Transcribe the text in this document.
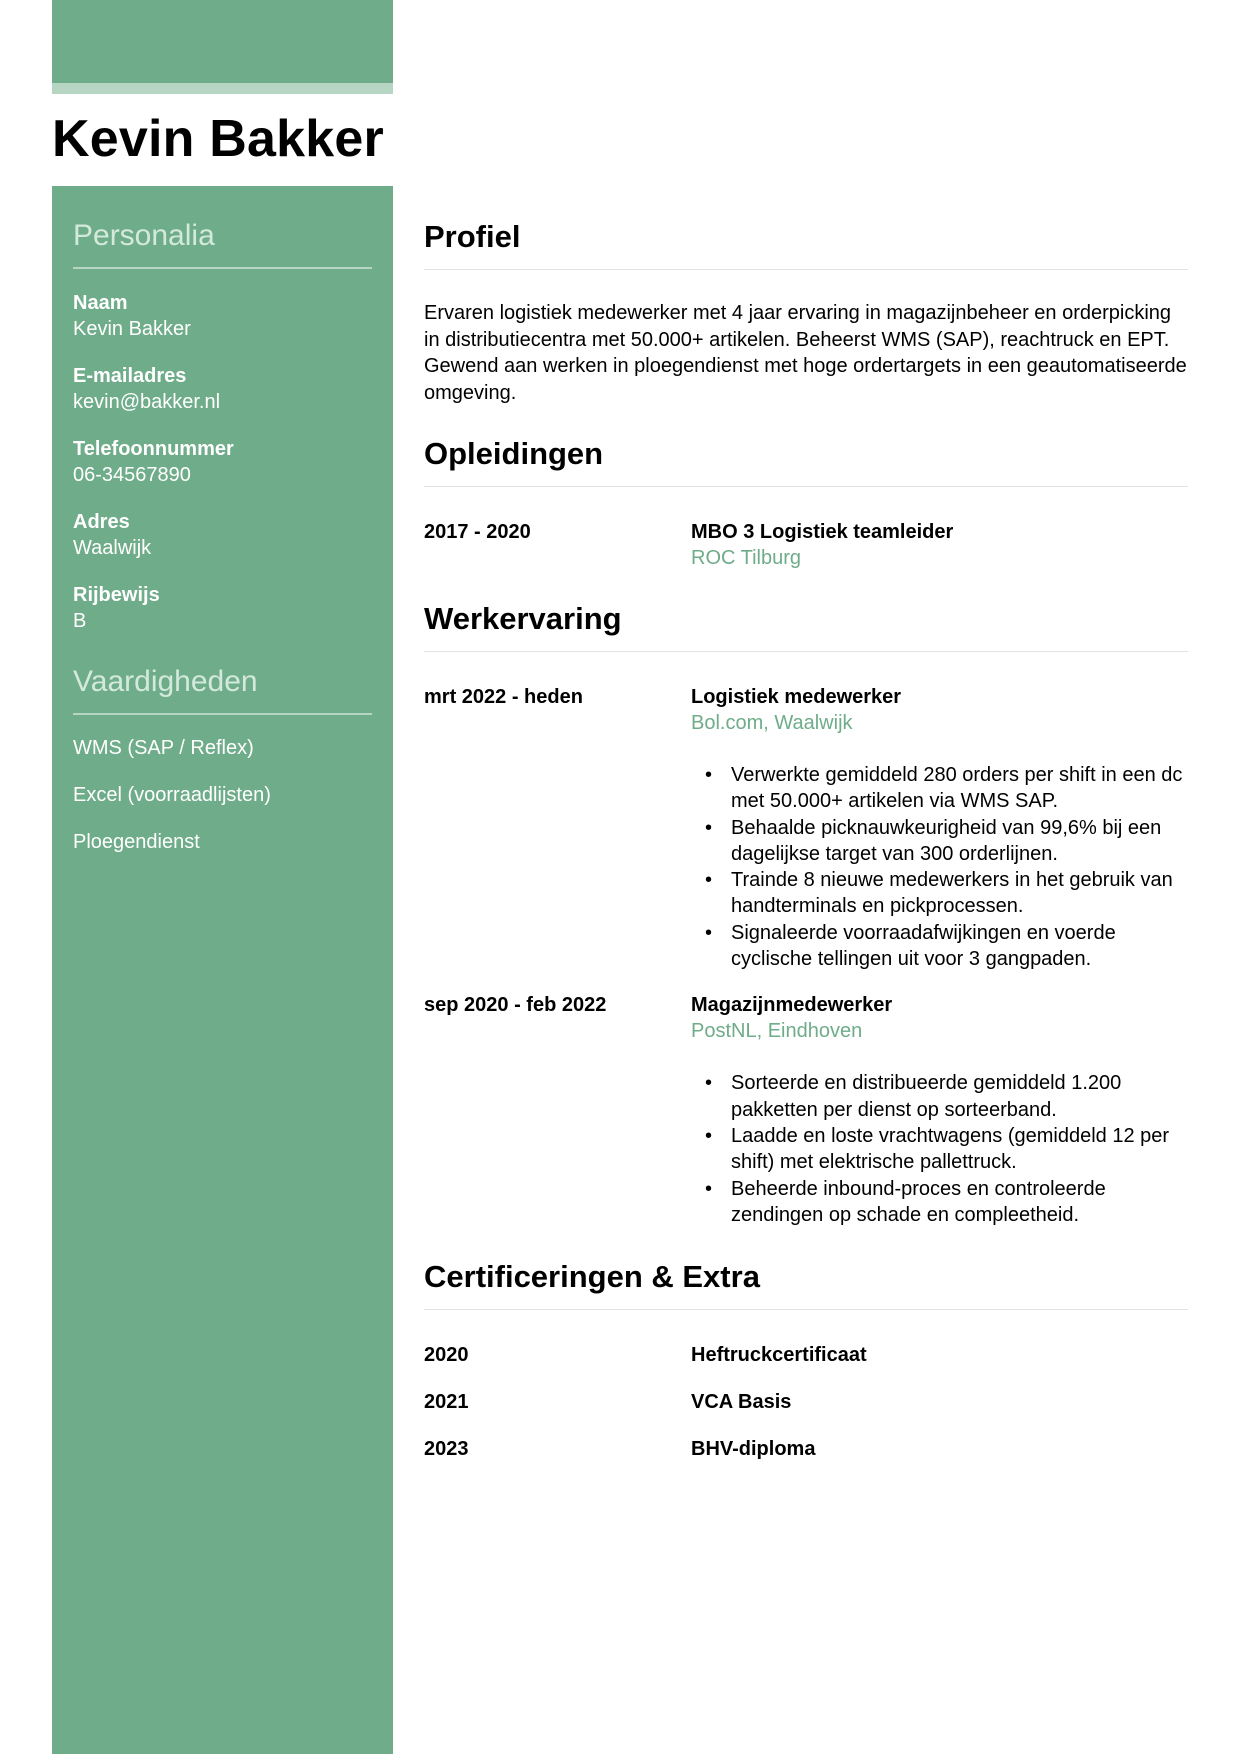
Kevin Bakker
Personalia
Naam
Kevin Bakker
E-mailadres
kevin@bakker.nl
Telefoonnummer
06-34567890
Adres
Waalwijk
Rijbewijs
B
Vaardigheden
WMS (SAP / Reflex)
Excel (voorraadlijsten)
Ploegendienst
Profiel

Ervaren logistiek medewerker met 4 jaar ervaring in magazijnbeheer en orderpicking in distributiecentra met 50.000+ artikelen. Beheerst WMS (SAP), reachtruck en EPT. Gewend aan werken in ploegendienst met hoge ordertargets in een geautomatiseerde omgeving.

Opleidingen
2017 - 2020	MBO 3 Logistiek teamleider
ROC Tilburg
Werkervaring
mrt 2022 - heden	Logistiek medewerker
Bol.com, Waalwijk
• Verwerkte gemiddeld 280 orders per shift in een dc met 50.000+ artikelen via WMS SAP.
• Behaalde picknauwkeurigheid van 99,6% bij een dagelijkse target van 300 orderlijnen.
• Trainde 8 nieuwe medewerkers in het gebruik van handterminals en pickprocessen.
• Signaleerde voorraadafwijkingen en voerde cyclische tellingen uit voor 3 gangpaden.
sep 2020 - feb 2022	Magazijnmedewerker
PostNL, Eindhoven
• Sorteerde en distribueerde gemiddeld 1.200 pakketten per dienst op sorteerband.
• Laadde en loste vrachtwagens (gemiddeld 12 per shift) met elektrische pallettruck.
• Beheerde inbound-proces en controleerde zendingen op schade en compleetheid.
Certificeringen & Extra
2020	Heftruckcertificaat
2021	VCA Basis
2023	BHV-diploma
